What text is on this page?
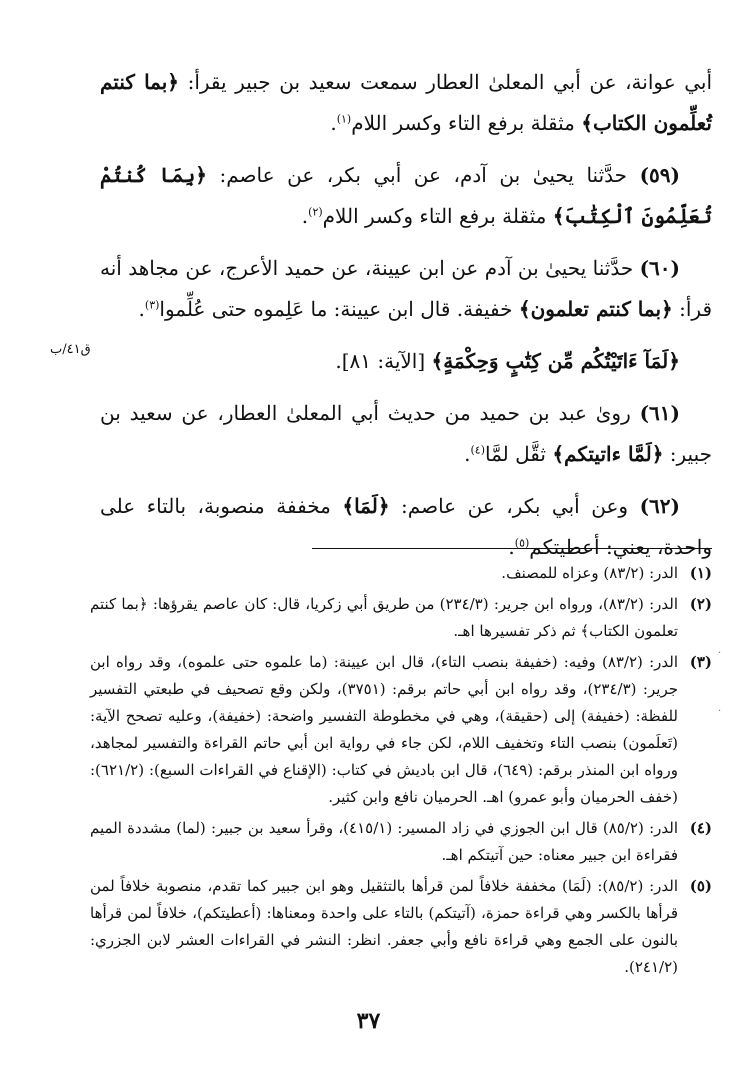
أبي عوانة، عن أبي المعلىٰ العطار سمعت سعيد بن جبير يقرأ: ﴿بما كنتم تُعلِّمون الكتاب﴾ مثقلة برفع التاء وكسر اللام$^{(١)}$.

(٥٩) حدَّثنا يحيىٰ بن آدم، عن أبي بكر، عن عاصم: ﴿بِمَا كُنتُمْ تُعَلِّمُونَ ٱلْكِتَٰبَ﴾ مثقلة برفع التاء وكسر اللام$^{(٢)}$.

(٦٠) حدَّثنا يحيىٰ بن آدم عن ابن عيينة، عن حميد الأعرج، عن مجاهد أنه قرأ: ﴿بما كنتم تعلمون﴾ خفيفة. قال ابن عيينة: ما عَلِموه حتى عُلِّموا$^{(٣)}$.

﴿لَمَآ ءَاتَيْتُكُم مِّن كِتَٰبٍ وَحِكْمَةٍ﴾ [الآية: ٨١].

(٦١) روىٰ عبد بن حميد من حديث أبي المعلىٰ العطار، عن سعيد بن جبير: ﴿لَمَّا ءاتيتكم﴾ ثقَّل لمَّا$^{(٤)}$.

(٦٢) وعن أبي بكر، عن عاصم: ﴿لَمَا﴾ مخففة منصوبة، بالتاء على واحدة، يعني: أعطيتكم$^{(٥)}$.

ق٤١/ب
(١)
الدر: (٨٣/٢) وعزاه للمصنف.
(٢)
الدر: (٨٣/٢)، ورواه ابن جرير: (٢٣٤/٣) من طريق أبي زكريا، قال: كان عاصم يقرؤها: ﴿بما كنتم تعلمون الكتاب﴾ ثم ذكر تفسيرها اهـ.
(٣)
الدر: (٨٣/٢) وفيه: (خفيفة بنصب التاء)، قال ابن عيينة: (ما علموه حتى علموه)، وقد رواه ابن جرير: (٢٣٤/٣)، وقد رواه ابن أبي حاتم برقم: (٣٧٥١)، ولكن وقع تصحيف في طبعتي التفسير للفظة: (خفيفة) إلى (حقيقة)، وهي في مخطوطة التفسير واضحة: (خفيفة)، وعليه تصحح الآية: (تَعلَمون) بنصب التاء وتخفيف اللام، لكن جاء في رواية ابن أبي حاتم القراءة والتفسير لمجاهد، ورواه ابن المنذر برقم: (٦٤٩)، قال ابن باديش في كتاب: (الإقناع في القراءات السبع): (٦٢١/٢): (خفف الحرميان وأبو عمرو) اهـ. الحرميان نافع وابن كثير.
(٤)
الدر: (٨٥/٢) قال ابن الجوزي في زاد المسير: (٤١٥/١)، وقرأ سعيد بن جبير: (لما) مشددة الميم فقراءة ابن جبير معناه: حين آتيتكم اهـ.
(٥)
الدر: (٨٥/٢): (لَمَا) مخففة خلافاً لمن قرأها بالتثقيل وهو ابن جبير كما تقدم، منصوبة خلافاً لمن قرأها بالكسر وهي قراءة حمزة، (آتيتكم) بالتاء على واحدة ومعناها: (أعطيتكم)، خلافاً لمن قرأها بالنون على الجمع وهي قراءة نافع وأبي جعفر. انظر: النشر في القراءات العشر لابن الجزري: (٢٤١/٢).
٣٧
·
·
